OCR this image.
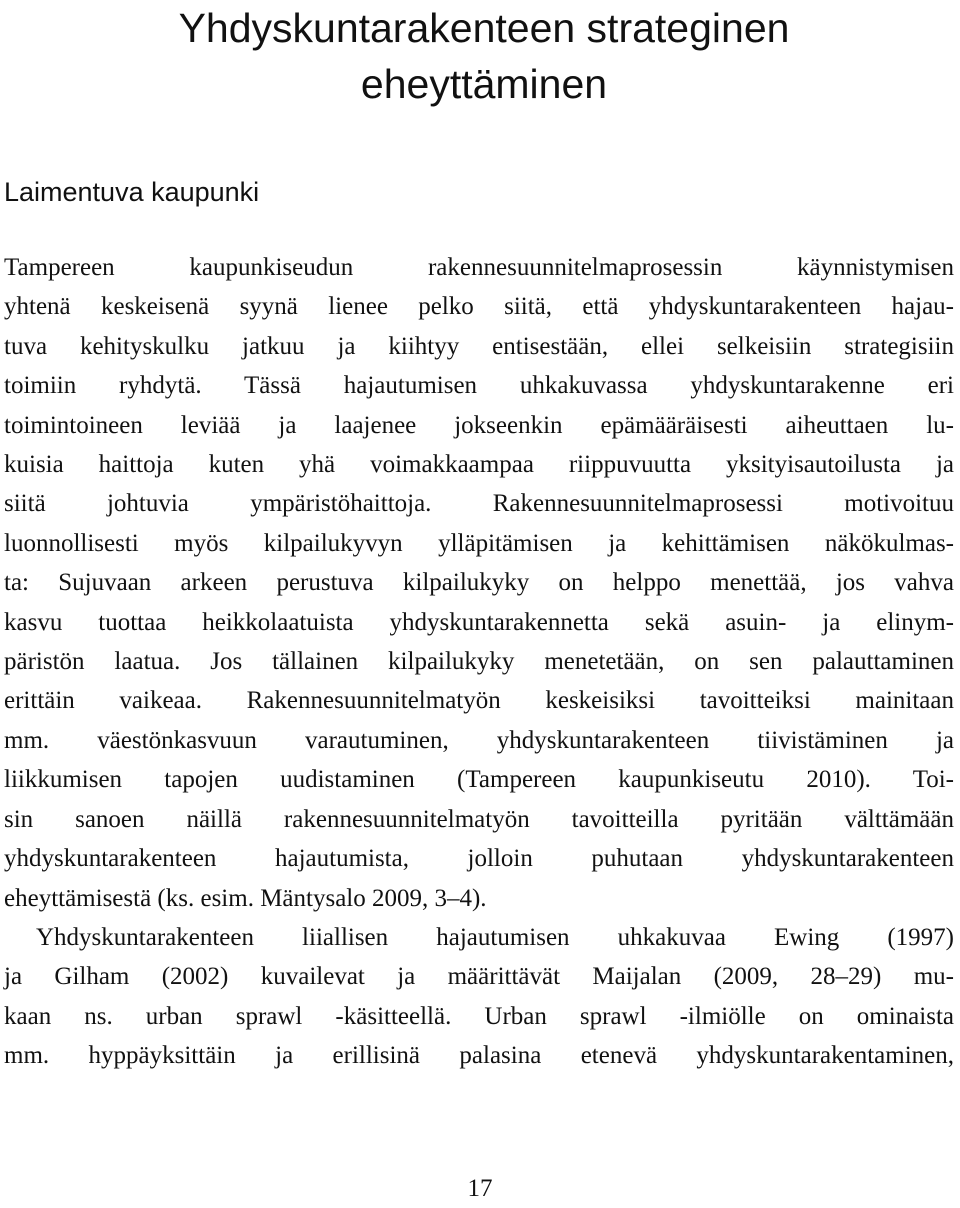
Yhdyskuntarakenteen strateginen eheyttäminen
Laimentuva kaupunki
Tampereen kaupunkiseudun rakennesuunnitelmaprosessin käynnistymisen
yhtenä keskeisenä syynä lienee pelko siitä, että yhdyskuntarakenteen hajau-
tuva kehityskulku jatkuu ja kiihtyy entisestään, ellei selkeisiin strategisiin
toimiin ryhdytä. Tässä hajautumisen uhkakuvassa yhdyskuntarakenne eri
toimintoineen leviää ja laajenee jokseenkin epämääräisesti aiheuttaen lu-
kuisia haittoja kuten yhä voimakkaampaa riippuvuutta yksityisautoilusta ja
siitä johtuvia ympäristöhaittoja. Rakennesuunnitelmaprosessi motivoituu
luonnollisesti myös kilpailukyvyn ylläpitämisen ja kehittämisen näkökulmas-
ta: Sujuvaan arkeen perustuva kilpailukyky on helppo menettää, jos vahva
kasvu tuottaa heikkolaatuista yhdyskuntarakennetta sekä asuin- ja elinym-
päristön laatua. Jos tällainen kilpailukyky menetetään, on sen palauttaminen
erittäin vaikeaa. Rakennesuunnitelmatyön keskeisiksi tavoitteiksi mainitaan
mm. väestönkasvuun varautuminen, yhdyskuntarakenteen tiivistäminen ja
liikkumisen tapojen uudistaminen (Tampereen kaupunkiseutu 2010). Toi-
sin sanoen näillä rakennesuunnitelmatyön tavoitteilla pyritään välttämään
yhdyskuntarakenteen hajautumista, jolloin puhutaan yhdyskuntarakenteen
eheyttämisestä (ks. esim. Mäntysalo 2009, 3–4).
Yhdyskuntarakenteen liiallisen hajautumisen uhkakuvaa Ewing (1997)
ja Gilham (2002) kuvailevat ja määrittävät Maijalan (2009, 28–29) mu-
kaan ns. urban sprawl -käsitteellä. Urban sprawl -ilmiölle on ominaista
mm. hyppäyksittäin ja erillisinä palasina etenevä yhdyskuntarakentaminen,
17
